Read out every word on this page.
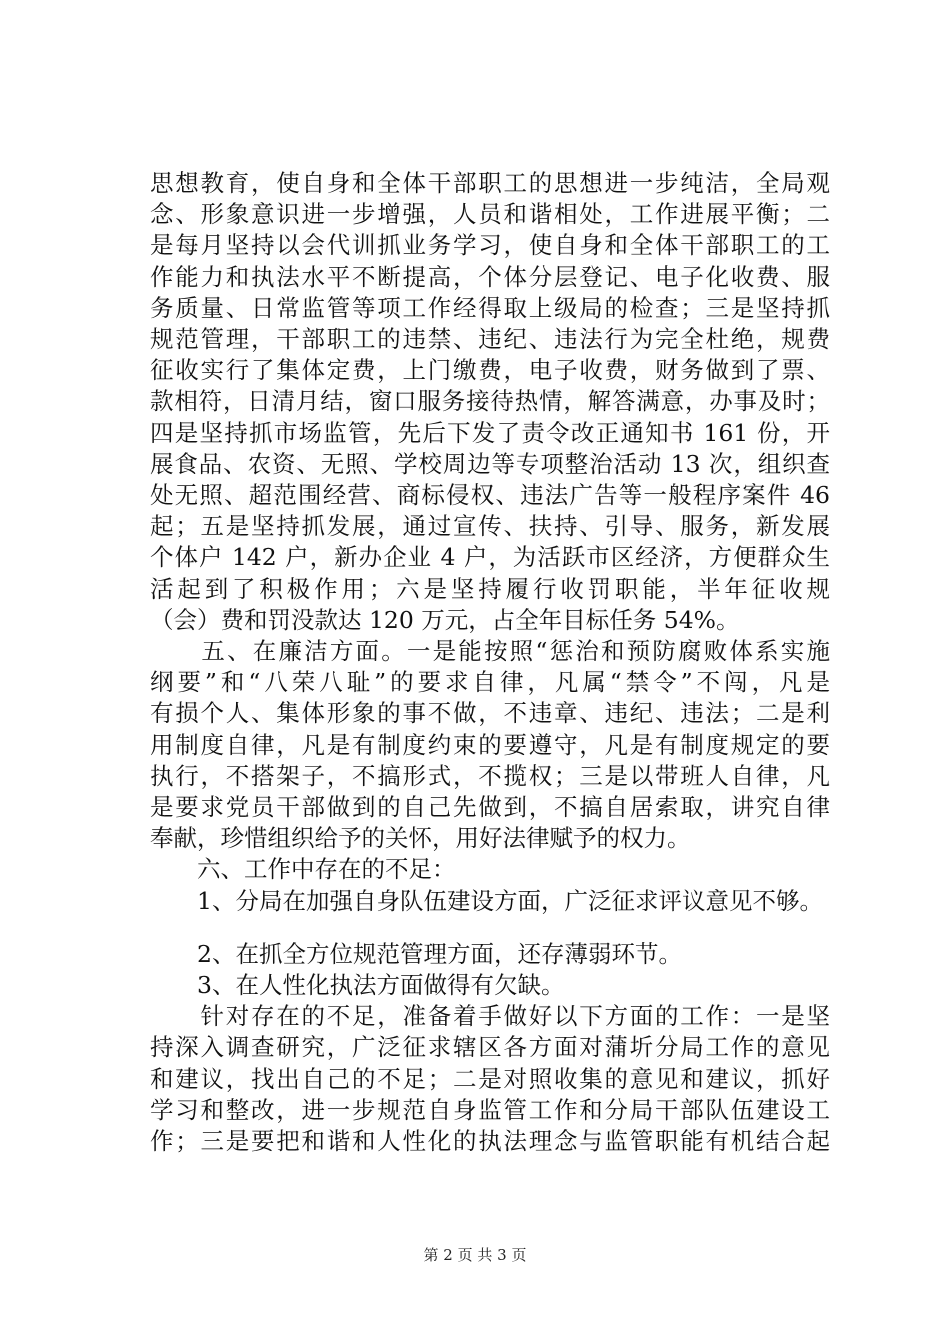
思想教育，使自身和全体干部职工的思想进一步纯洁，全局观
念、形象意识进一步增强，人员和谐相处，工作进展平衡；二
是每月坚持以会代训抓业务学习，使自身和全体干部职工的工
作能力和执法水平不断提高，个体分层登记、电子化收费、服
务质量、日常监管等项工作经得取上级局的检查；三是坚持抓
规范管理，干部职工的违禁、违纪、违法行为完全杜绝，规费
征收实行了集体定费，上门缴费，电子收费，财务做到了票、
款相符，日清月结，窗口服务接待热情，解答满意，办事及时；
四是坚持抓市场监管，先后下发了责令改正通知书 161 份，开
展食品、农资、无照、学校周边等专项整治活动 13 次，组织查
处无照、超范围经营、商标侵权、违法广告等一般程序案件 46
起；五是坚持抓发展，通过宣传、扶持、引导、服务，新发展
个体户 142 户，新办企业 4 户，为活跃市区经济，方便群众生
活起到了积极作用；六是坚持履行收罚职能，半年征收规
（会）费和罚没款达 120 万元，占全年目标任务 54%。
　　五、在廉洁方面。一是能按照“惩治和预防腐败体系实施
纲要”和“八荣八耻”的要求自律，凡属“禁令”不闯，凡是
有损个人、集体形象的事不做，不违章、违纪、违法；二是利
用制度自律，凡是有制度约束的要遵守，凡是有制度规定的要
执行，不搭架子，不搞形式，不揽权；三是以带班人自律，凡
是要求党员干部做到的自己先做到，不搞自居索取，讲究自律
奉献，珍惜组织给予的关怀，用好法律赋予的权力。
　　六、工作中存在的不足：
　　1、分局在加强自身队伍建设方面，广泛征求评议意见不够。
　　2、在抓全方位规范管理方面，还存薄弱环节。
　　3、在人性化执法方面做得有欠缺。
　　针对存在的不足，准备着手做好以下方面的工作：一是坚
持深入调查研究，广泛征求辖区各方面对蒲圻分局工作的意见
和建议，找出自己的不足；二是对照收集的意见和建议，抓好
学习和整改，进一步规范自身监管工作和分局干部队伍建设工
作；三是要把和谐和人性化的执法理念与监管职能有机结合起
第 2 页 共 3 页
